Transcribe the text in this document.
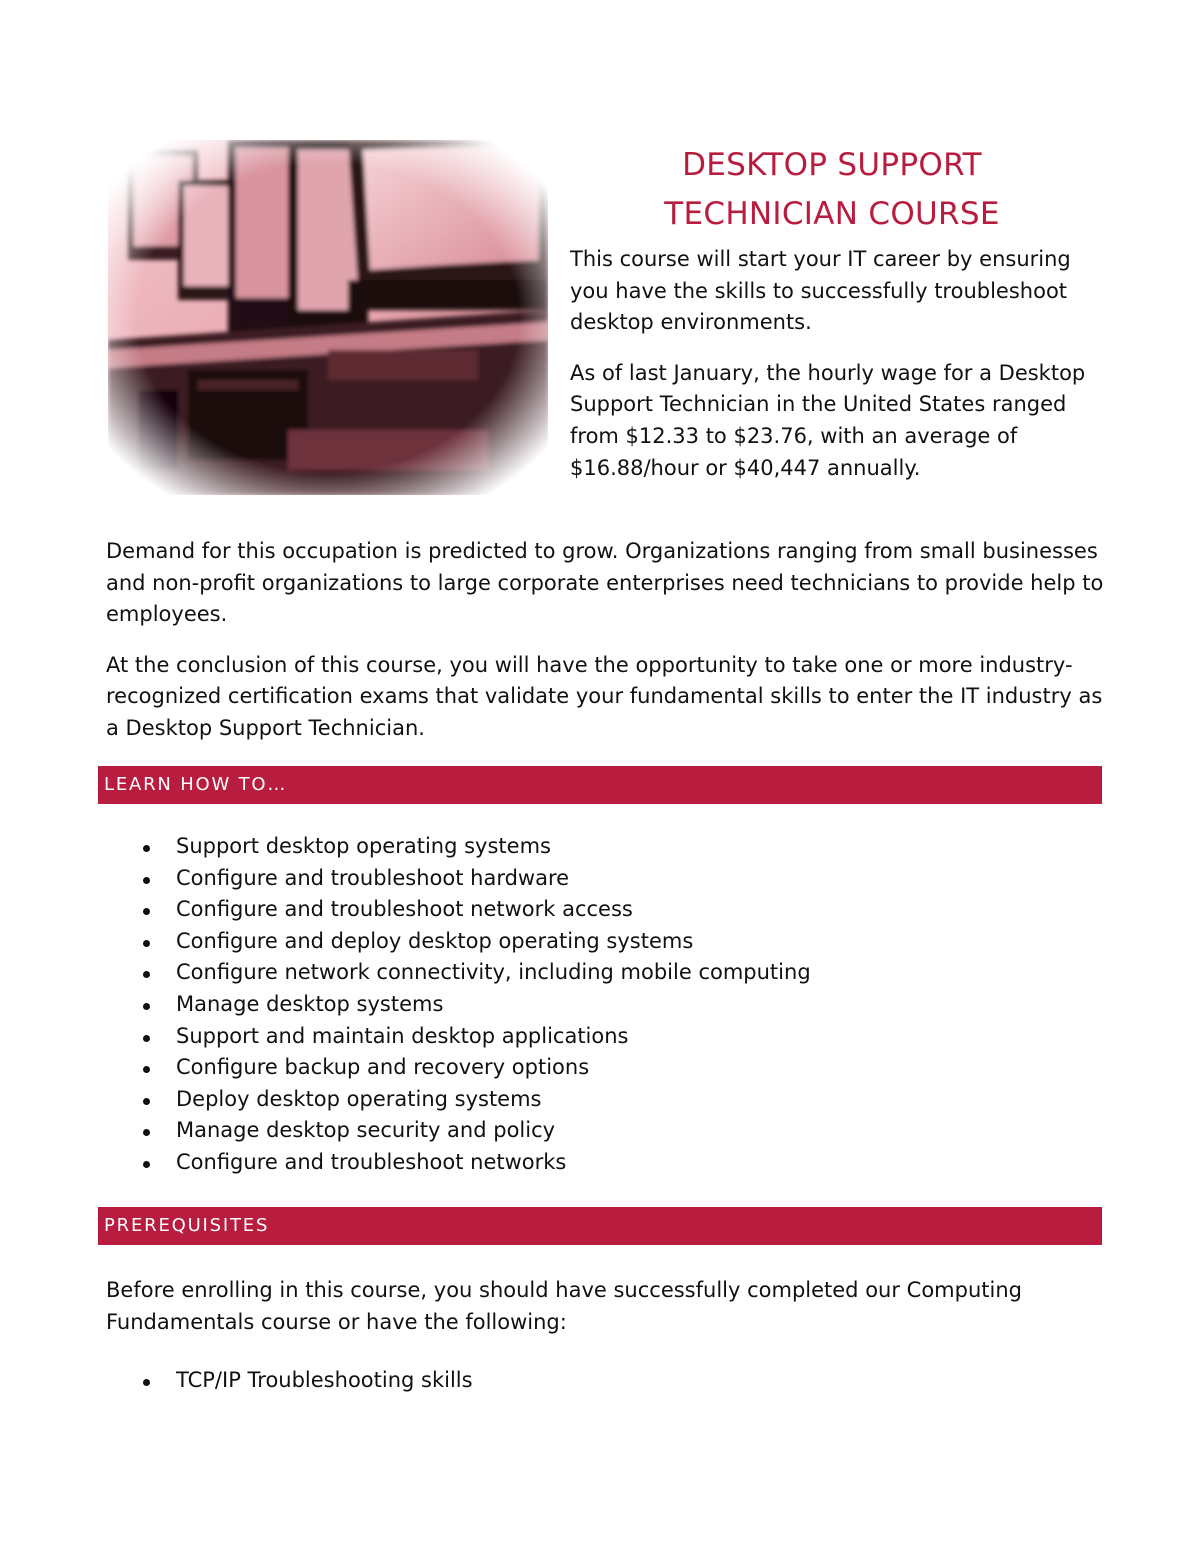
DESKTOP SUPPORT
TECHNICIAN COURSE

This course will start your IT career by ensuring you have the skills to successfully troubleshoot desktop environments.

As of last January, the hourly wage for a Desktop Support Technician in the United States ranged from $12.33 to $23.76, with an average of $16.88/hour or $40,447 annually.

Demand for this occupation is predicted to grow. Organizations ranging from small businesses and non-profit organizations to large corporate enterprises need technicians to provide help to employees.

At the conclusion of this course, you will have the opportunity to take one or more industry-recognized certification exams that validate your fundamental skills to enter the IT industry as a Desktop Support Technician.

LEARN HOW TO…
Support desktop operating systems
Configure and troubleshoot hardware
Configure and troubleshoot network access
Configure and deploy desktop operating systems
Configure network connectivity, including mobile computing
Manage desktop systems
Support and maintain desktop applications
Configure backup and recovery options
Deploy desktop operating systems
Manage desktop security and policy
Configure and troubleshoot networks
PREREQUISITES
Before enrolling in this course, you should have successfully completed our Computing Fundamentals course or have the following:
TCP/IP Troubleshooting skills
